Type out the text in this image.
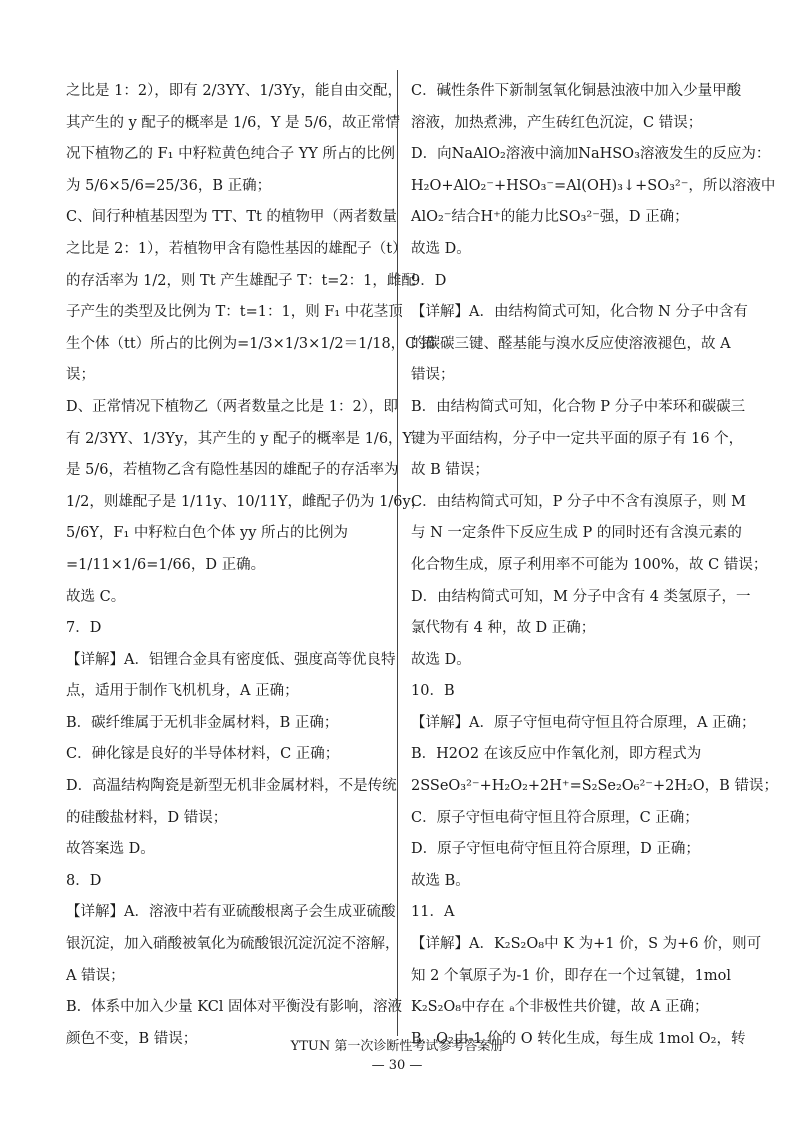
之比是 1：2），即有 2/3YY、1/3Yy，能自由交配，
其产生的 y 配子的概率是 1/6，Y 是 5/6，故正常情
况下植物乙的 F₁ 中籽粒黄色纯合子 YY 所占的比例
为 5/6×5/6=25/36，B 正确；
C、间行种植基因型为 TT、Tt 的植物甲（两者数量
之比是 2：1），若植物甲含有隐性基因的雄配子（t）
的存活率为 1/2，则 Tt 产生雄配子 T：t=2：1，雌配
子产生的类型及比例为 T：t=1：1，则 F₁ 中花茎顶
生个体（tt）所占的比例为=1/3×1/3×1/2＝1/18，C 错
误；
D、正常情况下植物乙（两者数量之比是 1：2），即
有 2/3YY、1/3Yy，其产生的 y 配子的概率是 1/6，Y
是 5/6，若植物乙含有隐性基因的雄配子的存活率为
1/2，则雄配子是 1/11y、10/11Y，雌配子仍为 1/6y，
5/6Y，F₁ 中籽粒白色个体 yy 所占的比例为
=1/11×1/6=1/66，D 正确。
故选 C。
7．D
【详解】A．铝锂合金具有密度低、强度高等优良特
点，适用于制作飞机机身，A 正确；
B．碳纤维属于无机非金属材料，B 正确；
C．砷化镓是良好的半导体材料，C 正确；
D．高温结构陶瓷是新型无机非金属材料，不是传统
的硅酸盐材料，D 错误；
故答案选 D。
8．D
【详解】A．溶液中若有亚硫酸根离子会生成亚硫酸
银沉淀，加入硝酸被氧化为硫酸银沉淀沉淀不溶解，
A 错误；
B．体系中加入少量 KCl 固体对平衡没有影响，溶液
颜色不变，B 错误；
C．碱性条件下新制氢氧化铜悬浊液中加入少量甲酸
溶液，加热煮沸，产生砖红色沉淀，C 错误；
D．向NaAlO₂溶液中滴加NaHSO₃溶液发生的反应为：
H₂O+AlO₂⁻+HSO₃⁻=Al(OH)₃↓+SO₃²⁻，所以溶液中
AlO₂⁻结合H⁺的能力比SO₃²⁻强，D 正确；
故选 D。
9．D
【详解】A．由结构简式可知，化合物 N 分子中含有
的碳碳三键、醛基能与溴水反应使溶液褪色，故 A
错误；
B．由结构简式可知，化合物 P 分子中苯环和碳碳三
键为平面结构，分子中一定共平面的原子有 16 个，
故 B 错误；
C．由结构简式可知，P 分子中不含有溴原子，则 M
与 N 一定条件下反应生成 P 的同时还有含溴元素的
化合物生成，原子利用率不可能为 100%，故 C 错误；
D．由结构简式可知，M 分子中含有 4 类氢原子，一
氯代物有 4 种，故 D 正确；
故选 D。
10．B
【详解】A．原子守恒电荷守恒且符合原理，A 正确；
B．H2O2 在该反应中作氧化剂，即方程式为
2SSeO₃²⁻+H₂O₂+2H⁺=S₂Se₂O₆²⁻+2H₂O，B 错误；
C．原子守恒电荷守恒且符合原理，C 正确；
D．原子守恒电荷守恒且符合原理，D 正确；
故选 B。
11．A
【详解】A．K₂S₂O₈中 K 为+1 价，S 为+6 价，则可
知 2 个氧原子为-1 价，即存在一个过氧键，1mol
K₂S₂O₈中存在 ₐ个非极性共价键，故 A 正确；
B．O₂由-1 价的 O 转化生成，每生成 1mol O₂，转
YTUN 第一次诊断性考试参考答案册
— 30 —
